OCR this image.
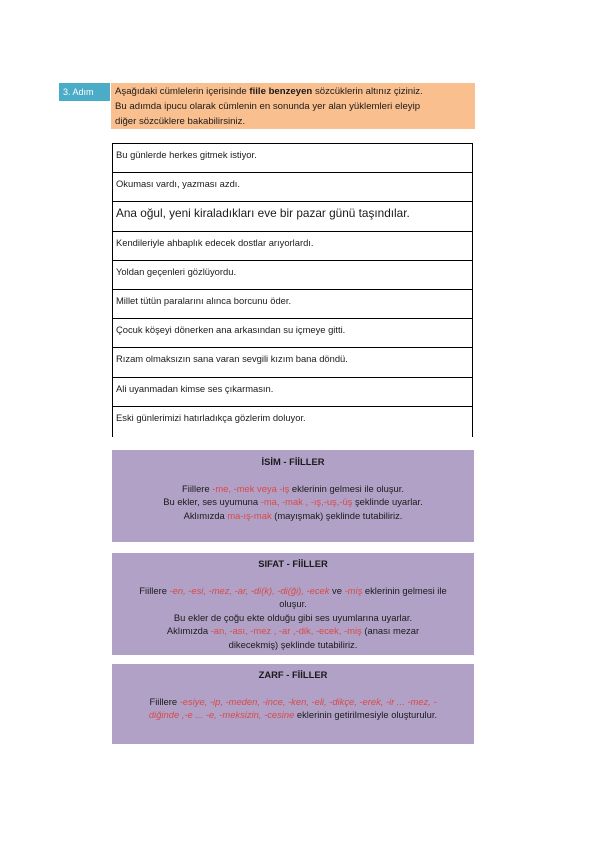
3. Adım	Aşağıdaki cümlelerin içerisinde fiile benzeyen sözcüklerin altınız çiziniz.
Bu adımda ipucu olarak cümlenin en sonunda yer alan yüklemleri eleyip
diğer sözcüklere bakabilirsiniz.
Bu günlerde herkes gitmek istiyor.
Okuması vardı, yazması azdı.
Ana oğul, yeni kiraladıkları eve bir pazar günü taşındılar.
Kendileriyle ahbaplık edecek dostlar arıyorlardı.
Yoldan geçenleri gözlüyordu.
Millet tütün paralarını alınca borcunu öder.
Çocuk köşeyi dönerken ana arkasından su içmeye gitti.
Rızam olmaksızın sana varan sevgili kızım bana döndü.
Ali uyanmadan kimse ses çıkarmasın.
Eski günlerimizi hatırladıkça gözlerim doluyor.

İSİM - FİİLLER

Fiillere -me, -mek veya -iş eklerinin gelmesi ile oluşur.

Bu ekler, ses uyumuna -ma, -mak , -ış,-uş,-üş şeklinde uyarlar.

Aklımızda ma-ış-mak (mayışmak) şeklinde tutabiliriz.

SIFAT - FİİLLER

Fiillere -en, -esi, -mez, -ar, -di(k), -di(ği), -ecek ve -miş eklerinin gelmesi ile

oluşur.

Bu ekler de çoğu ekte olduğu gibi ses uyumlarına uyarlar.

Aklımızda -an, -ası, -mez , -ar ,-dik, -ecek, -miş (anası mezar

dikecekmiş) şeklinde tutabiliriz.

ZARF - FİİLLER

Fiillere -esiye, -ip, -meden, -ince, -ken, -eli, -dikçe, -erek, -ir ... -mez, -

diğinde ,-e ... -e, -meksizin, -cesine eklerinin getirilmesiyle oluşturulur.
